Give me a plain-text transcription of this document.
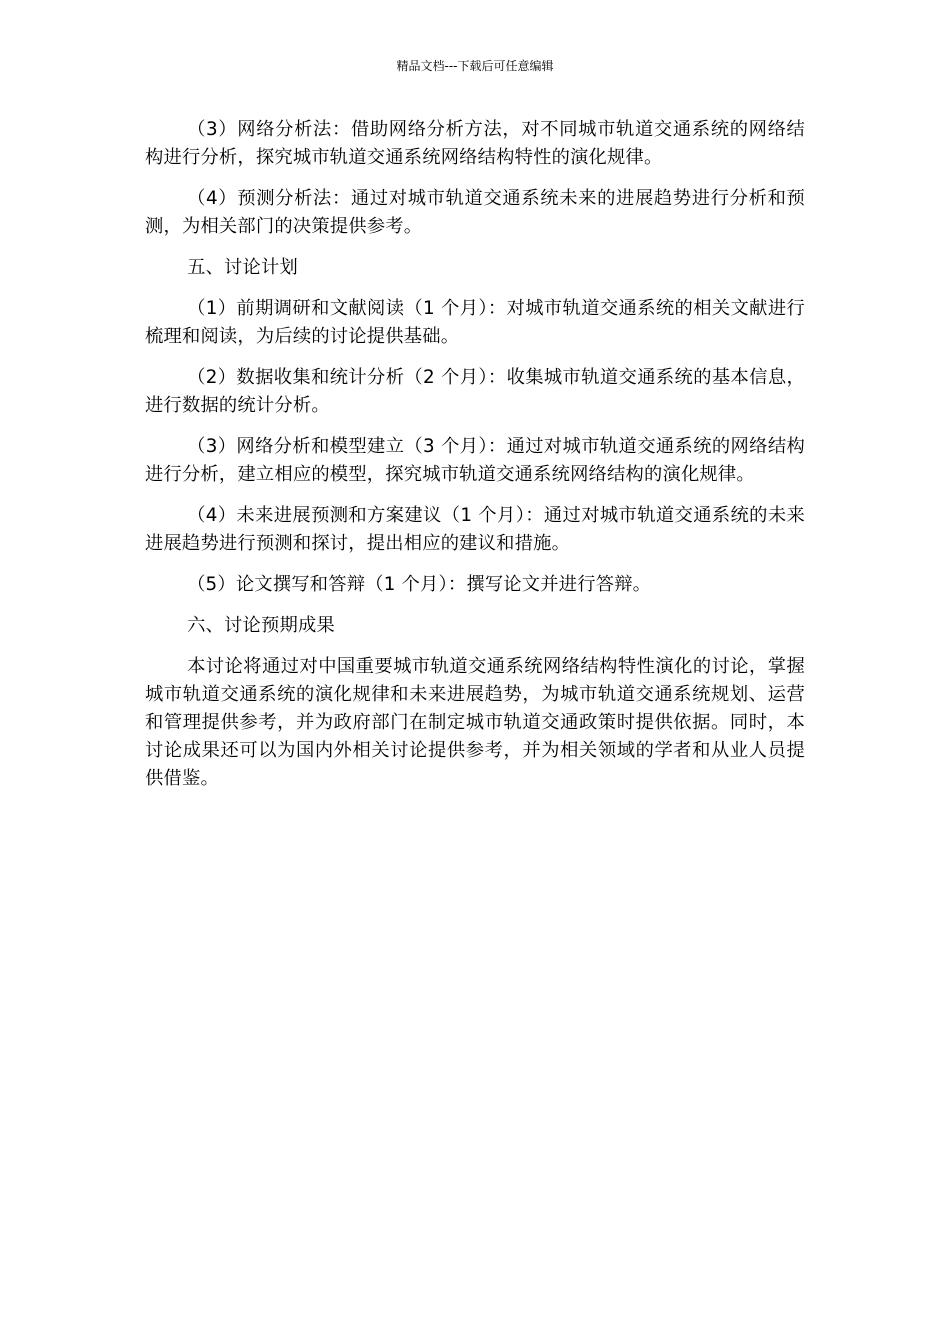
精品文档---下载后可任意编辑

（3）网络分析法：借助网络分析方法，对不同城市轨道交通系统的网络结构进行分析，探究城市轨道交通系统网络结构特性的演化规律。

（4）预测分析法：通过对城市轨道交通系统未来的进展趋势进行分析和预测，为相关部门的决策提供参考。

五、讨论计划

（1）前期调研和文献阅读（1 个月）：对城市轨道交通系统的相关文献进行梳理和阅读，为后续的讨论提供基础。

（2）数据收集和统计分析（2 个月）：收集城市轨道交通系统的基本信息，进行数据的统计分析。

（3）网络分析和模型建立（3 个月）：通过对城市轨道交通系统的网络结构进行分析，建立相应的模型，探究城市轨道交通系统网络结构的演化规律。

（4）未来进展预测和方案建议（1 个月）：通过对城市轨道交通系统的未来进展趋势进行预测和探讨，提出相应的建议和措施。

（5）论文撰写和答辩（1 个月）：撰写论文并进行答辩。

六、讨论预期成果

本讨论将通过对中国重要城市轨道交通系统网络结构特性演化的讨论，掌握城市轨道交通系统的演化规律和未来进展趋势，为城市轨道交通系统规划、运营和管理提供参考，并为政府部门在制定城市轨道交通政策时提供依据。同时，本讨论成果还可以为国内外相关讨论提供参考，并为相关领域的学者和从业人员提供借鉴。
